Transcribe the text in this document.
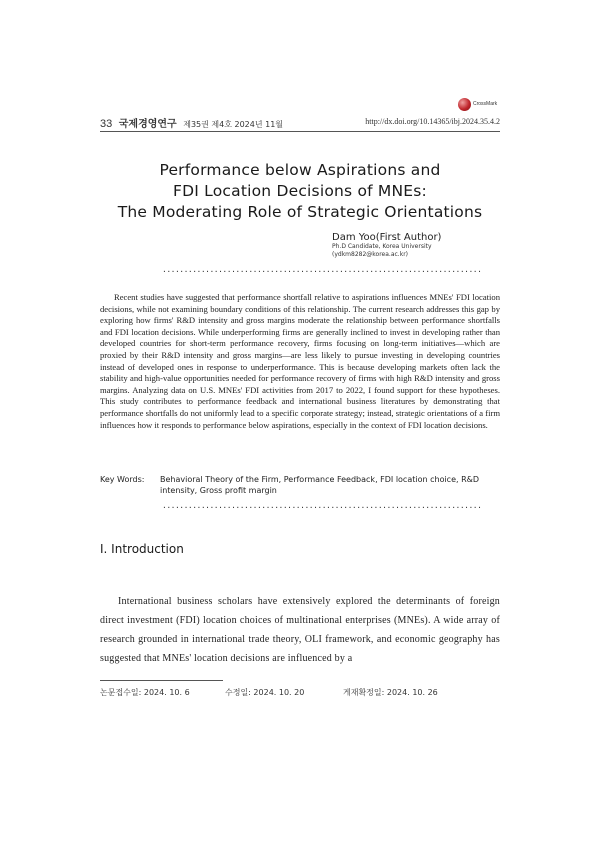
33 국제경영연구 제35권 제4호 2024년 11월	http://dx.doi.org/10.14365/ibj.2024.35.4.2
CrossMark
Performance below Aspirations and
FDI Location Decisions of MNEs:
The Moderating Role of Strategic Orientations
Dam Yoo(First Author)
Ph.D Candidate, Korea University
(ydkm8282@korea.ac.kr)
..........................................................................
Recent studies have suggested that performance shortfall relative to aspirations influences MNEs' FDI location decisions, while not examining boundary conditions of this relationship. The current research addresses this gap by exploring how firms' R&D intensity and gross margins moderate the relationship between performance shortfalls and FDI location decisions. While underperforming firms are generally inclined to invest in developing rather than developed countries for short-term performance recovery, firms focusing on long-term initiatives—which are proxied by their R&D intensity and gross margins—are less likely to pursue investing in developing countries instead of developed ones in response to underperformance. This is because developing markets often lack the stability and high-value opportunities needed for performance recovery of firms with high R&D intensity and gross margins. Analyzing data on U.S. MNEs' FDI activities from 2017 to 2022, I found support for these hypotheses. This study contributes to performance feedback and international business literatures by demonstrating that performance shortfalls do not uniformly lead to a specific corporate strategy; instead, strategic orientations of a firm influences how it responds to performance below aspirations, especially in the context of FDI location decisions.
Key Words: Behavioral Theory of the Firm, Performance Feedback, FDI location choice, R&D intensity, Gross profit margin
..........................................................................
Ⅰ. Introduction
International business scholars have extensively explored the determinants of foreign direct investment (FDI) location choices of multinational enterprises (MNEs). A wide array of research grounded in international trade theory, OLI framework, and economic geography has suggested that MNEs' location decisions are influenced by a
논문접수일: 2024. 10. 6	수정일: 2024. 10. 20	게재확정일: 2024. 10. 26
